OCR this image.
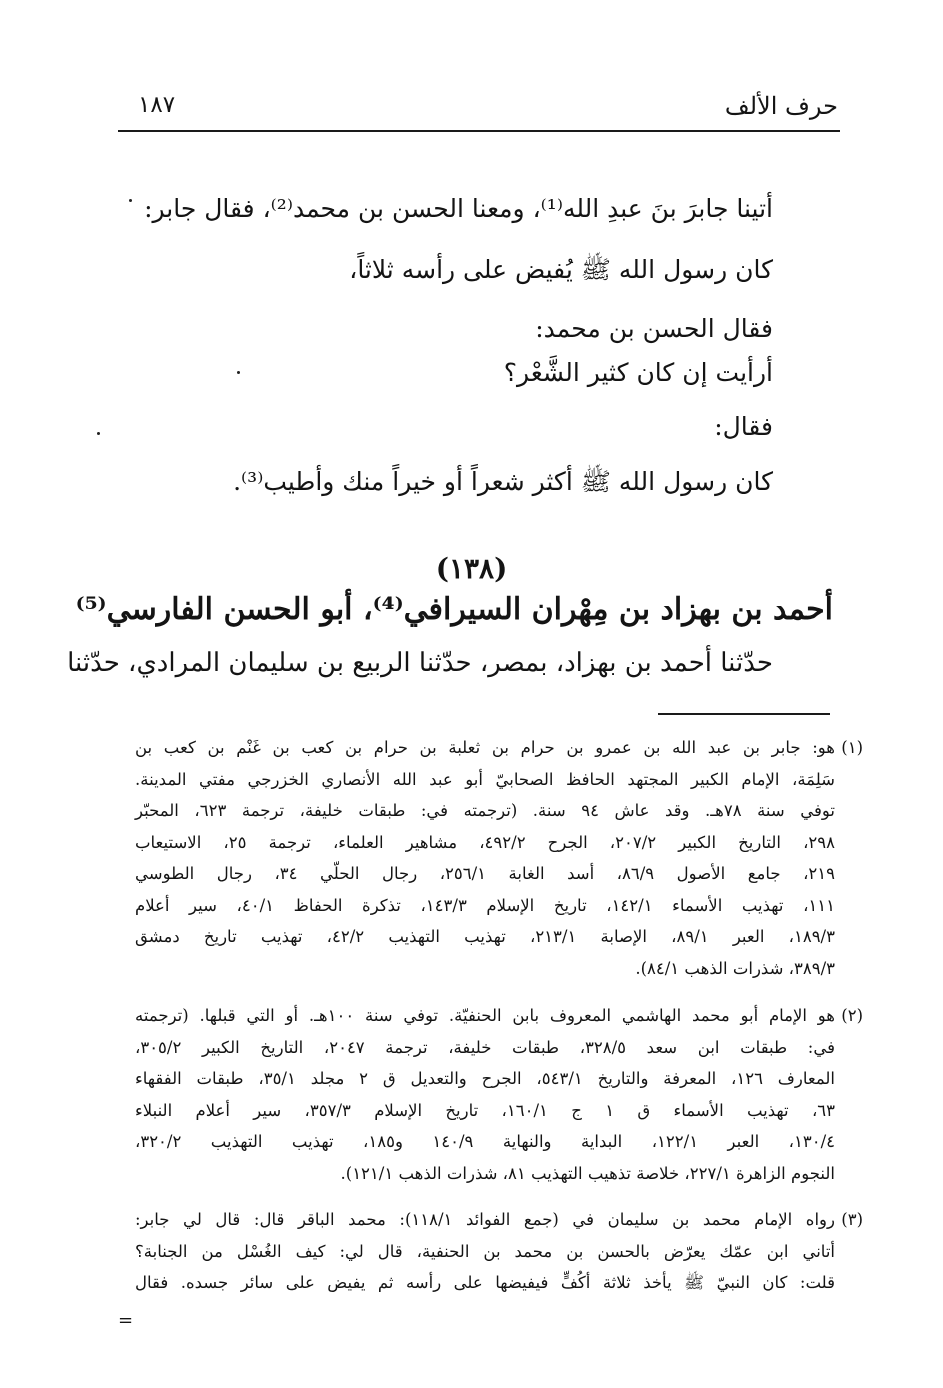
حرف الألف
١٨٧
أتينا جابرَ بنَ عبدِ الله⁽¹⁾، ومعنا الحسن بن محمد⁽²⁾، فقال جابر:
كان رسول الله ﷺ يُفيض على رأسه ثلاثاً،
فقال الحسن بن محمد:
أرأيت إن كان كثير الشَّعْر؟
فقال:
كان رسول الله ﷺ أكثر شعراً أو خيراً منك وأطيب⁽³⁾.
(١٣٨)
أحمد بن بهزاد بن مِهْران السيرافي⁽⁴⁾، أبو الحسن الفارسي⁽⁵⁾
حدّثنا أحمد بن بهزاد، بمصر، حدّثنا الربيع بن سليمان المرادي، حدّثنا
(١)
هو: جابر بن عبد الله بن عمرو بن حرام بن ثعلبة بن حرام بن كعب بن غَنْم بن كعب بن
سَلِمَة، الإمام الكبير المجتهد الحافظ الصحابيّ أبو عبد الله الأنصاري الخزرجي مفتي المدينة.
توفي سنة ٧٨هـ. وقد عاش ٩٤ سنة. (ترجمته في: طبقات خليفة، ترجمة ٦٢٣، المحبّر
٢٩٨، التاريخ الكبير ٢٠٧/٢، الجرح ٤٩٢/٢، مشاهير العلماء، ترجمة ٢٥، الاستيعاب
٢١٩، جامع الأصول ٨٦/٩، أسد الغابة ٢٥٦/١، رجال الحلّي ٣٤، رجال الطوسي
١١١، تهذيب الأسماء ١٤٢/١، تاريخ الإسلام ١٤٣/٣، تذكرة الحفاظ ٤٠/١، سير أعلام
١٨٩/٣، العبر ٨٩/١، الإصابة ٢١٣/١، تهذيب التهذيب ٤٢/٢، تهذيب تاريخ دمشق
٣٨٩/٣، شذرات الذهب ٨٤/١).
(٢)
هو الإمام أبو محمد الهاشمي المعروف بابن الحنفيّة. توفي سنة ١٠٠هـ. أو التي قبلها. (ترجمته
في: طبقات ابن سعد ٣٢٨/٥، طبقات خليفة، ترجمة ٢٠٤٧، التاريخ الكبير ٣٠٥/٢،
المعارف ١٢٦، المعرفة والتاريخ ٥٤٣/١، الجرح والتعديل ق ٢ مجلد ٣٥/١، طبقات الفقهاء
٦٣، تهذيب الأسماء ق ١ ج ١٦٠/١، تاريخ الإسلام ٣٥٧/٣، سير أعلام النبلاء
١٣٠/٤، العبر ١٢٢/١، البداية والنهاية ١٤٠/٩ و١٨٥، تهذيب التهذيب ٣٢٠/٢،
النجوم الزاهرة ٢٢٧/١، خلاصة تذهيب التهذيب ٨١، شذرات الذهب ١٢١/١).
(٣)
رواه الإمام محمد بن سليمان في (جمع الفوائد ١١٨/١): محمد الباقر قال: قال لي جابر:
أتاني ابن عمّك يعرّض بالحسن بن محمد بن الحنفية، قال لي: كيف الغُسْل من الجنابة؟
قلت: كان النبيّ ﷺ يأخذ ثلاثة أكُفٍّ فيفيضها على رأسه ثم يفيض على سائر جسده. فقال
=
